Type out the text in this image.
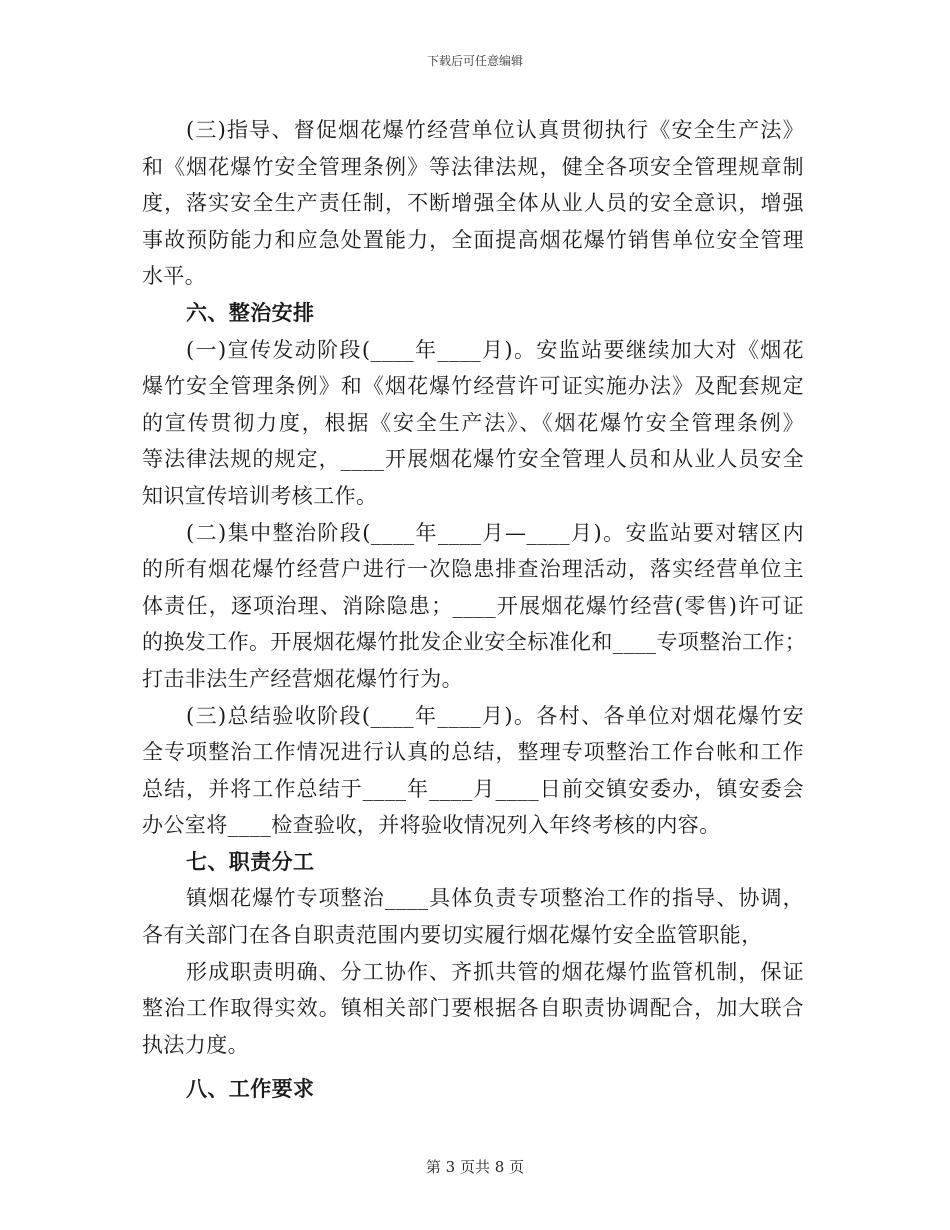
下载后可任意编辑
(三)指导、督促烟花爆竹经营单位认真贯彻执行《安全生产法》
和《烟花爆竹安全管理条例》等法律法规，健全各项安全管理规章制
度，落实安全生产责任制，不断增强全体从业人员的安全意识，增强
事故预防能力和应急处置能力，全面提高烟花爆竹销售单位安全管理
水平。
六、整治安排
(一)宣传发动阶段(____年____月)。安监站要继续加大对《烟花
爆竹安全管理条例》和《烟花爆竹经营许可证实施办法》及配套规定
的宣传贯彻力度，根据《安全生产法》、《烟花爆竹安全管理条例》
等法律法规的规定，____开展烟花爆竹安全管理人员和从业人员安全
知识宣传培训考核工作。
(二)集中整治阶段(____年____月—____月)。安监站要对辖区内
的所有烟花爆竹经营户进行一次隐患排查治理活动，落实经营单位主
体责任，逐项治理、消除隐患；____开展烟花爆竹经营(零售)许可证
的换发工作。开展烟花爆竹批发企业安全标准化和____专项整治工作；
打击非法生产经营烟花爆竹行为。
(三)总结验收阶段(____年____月)。各村、各单位对烟花爆竹安
全专项整治工作情况进行认真的总结，整理专项整治工作台帐和工作
总结，并将工作总结于____年____月____日前交镇安委办，镇安委会
办公室将____检查验收，并将验收情况列入年终考核的内容。
七、职责分工
镇烟花爆竹专项整治____具体负责专项整治工作的指导、协调，
各有关部门在各自职责范围内要切实履行烟花爆竹安全监管职能，
形成职责明确、分工协作、齐抓共管的烟花爆竹监管机制，保证
整治工作取得实效。镇相关部门要根据各自职责协调配合，加大联合
执法力度。
八、工作要求
第 3 页共 8 页
